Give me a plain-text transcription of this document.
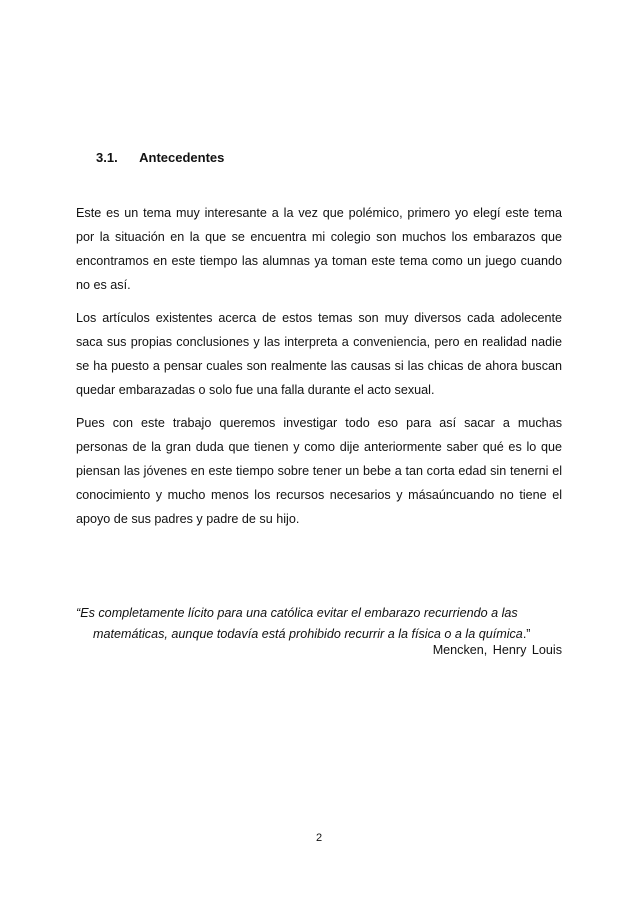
3.1. Antecedentes

Este es un tema muy interesante a la vez que polémico, primero yo elegí este tema por la situación en la que se encuentra mi colegio son muchos los embarazos que encontramos en este tiempo las alumnas ya toman este tema como un juego cuando no es así.

Los artículos existentes acerca de estos temas son muy diversos cada adolecente saca sus propias conclusiones y las interpreta a conveniencia, pero en realidad nadie se ha puesto a pensar cuales son realmente las causas si las chicas de ahora buscan quedar embarazadas o solo fue una falla durante el acto sexual.

Pues con este trabajo queremos investigar todo eso para así sacar a muchas personas de la gran duda que tienen y como dije anteriormente saber qué es lo que piensan las jóvenes en este tiempo sobre tener un bebe a tan corta edad sin tenerni el conocimiento y mucho menos los recursos necesarios y másaúncuando no tiene el apoyo de sus padres y padre de su hijo.

“Es completamente lícito para una católica evitar el embarazo recurriendo a las
matemáticas, aunque todavía está prohibido recurrir a la física o a la química.”
Mencken, Henry Louis
2
